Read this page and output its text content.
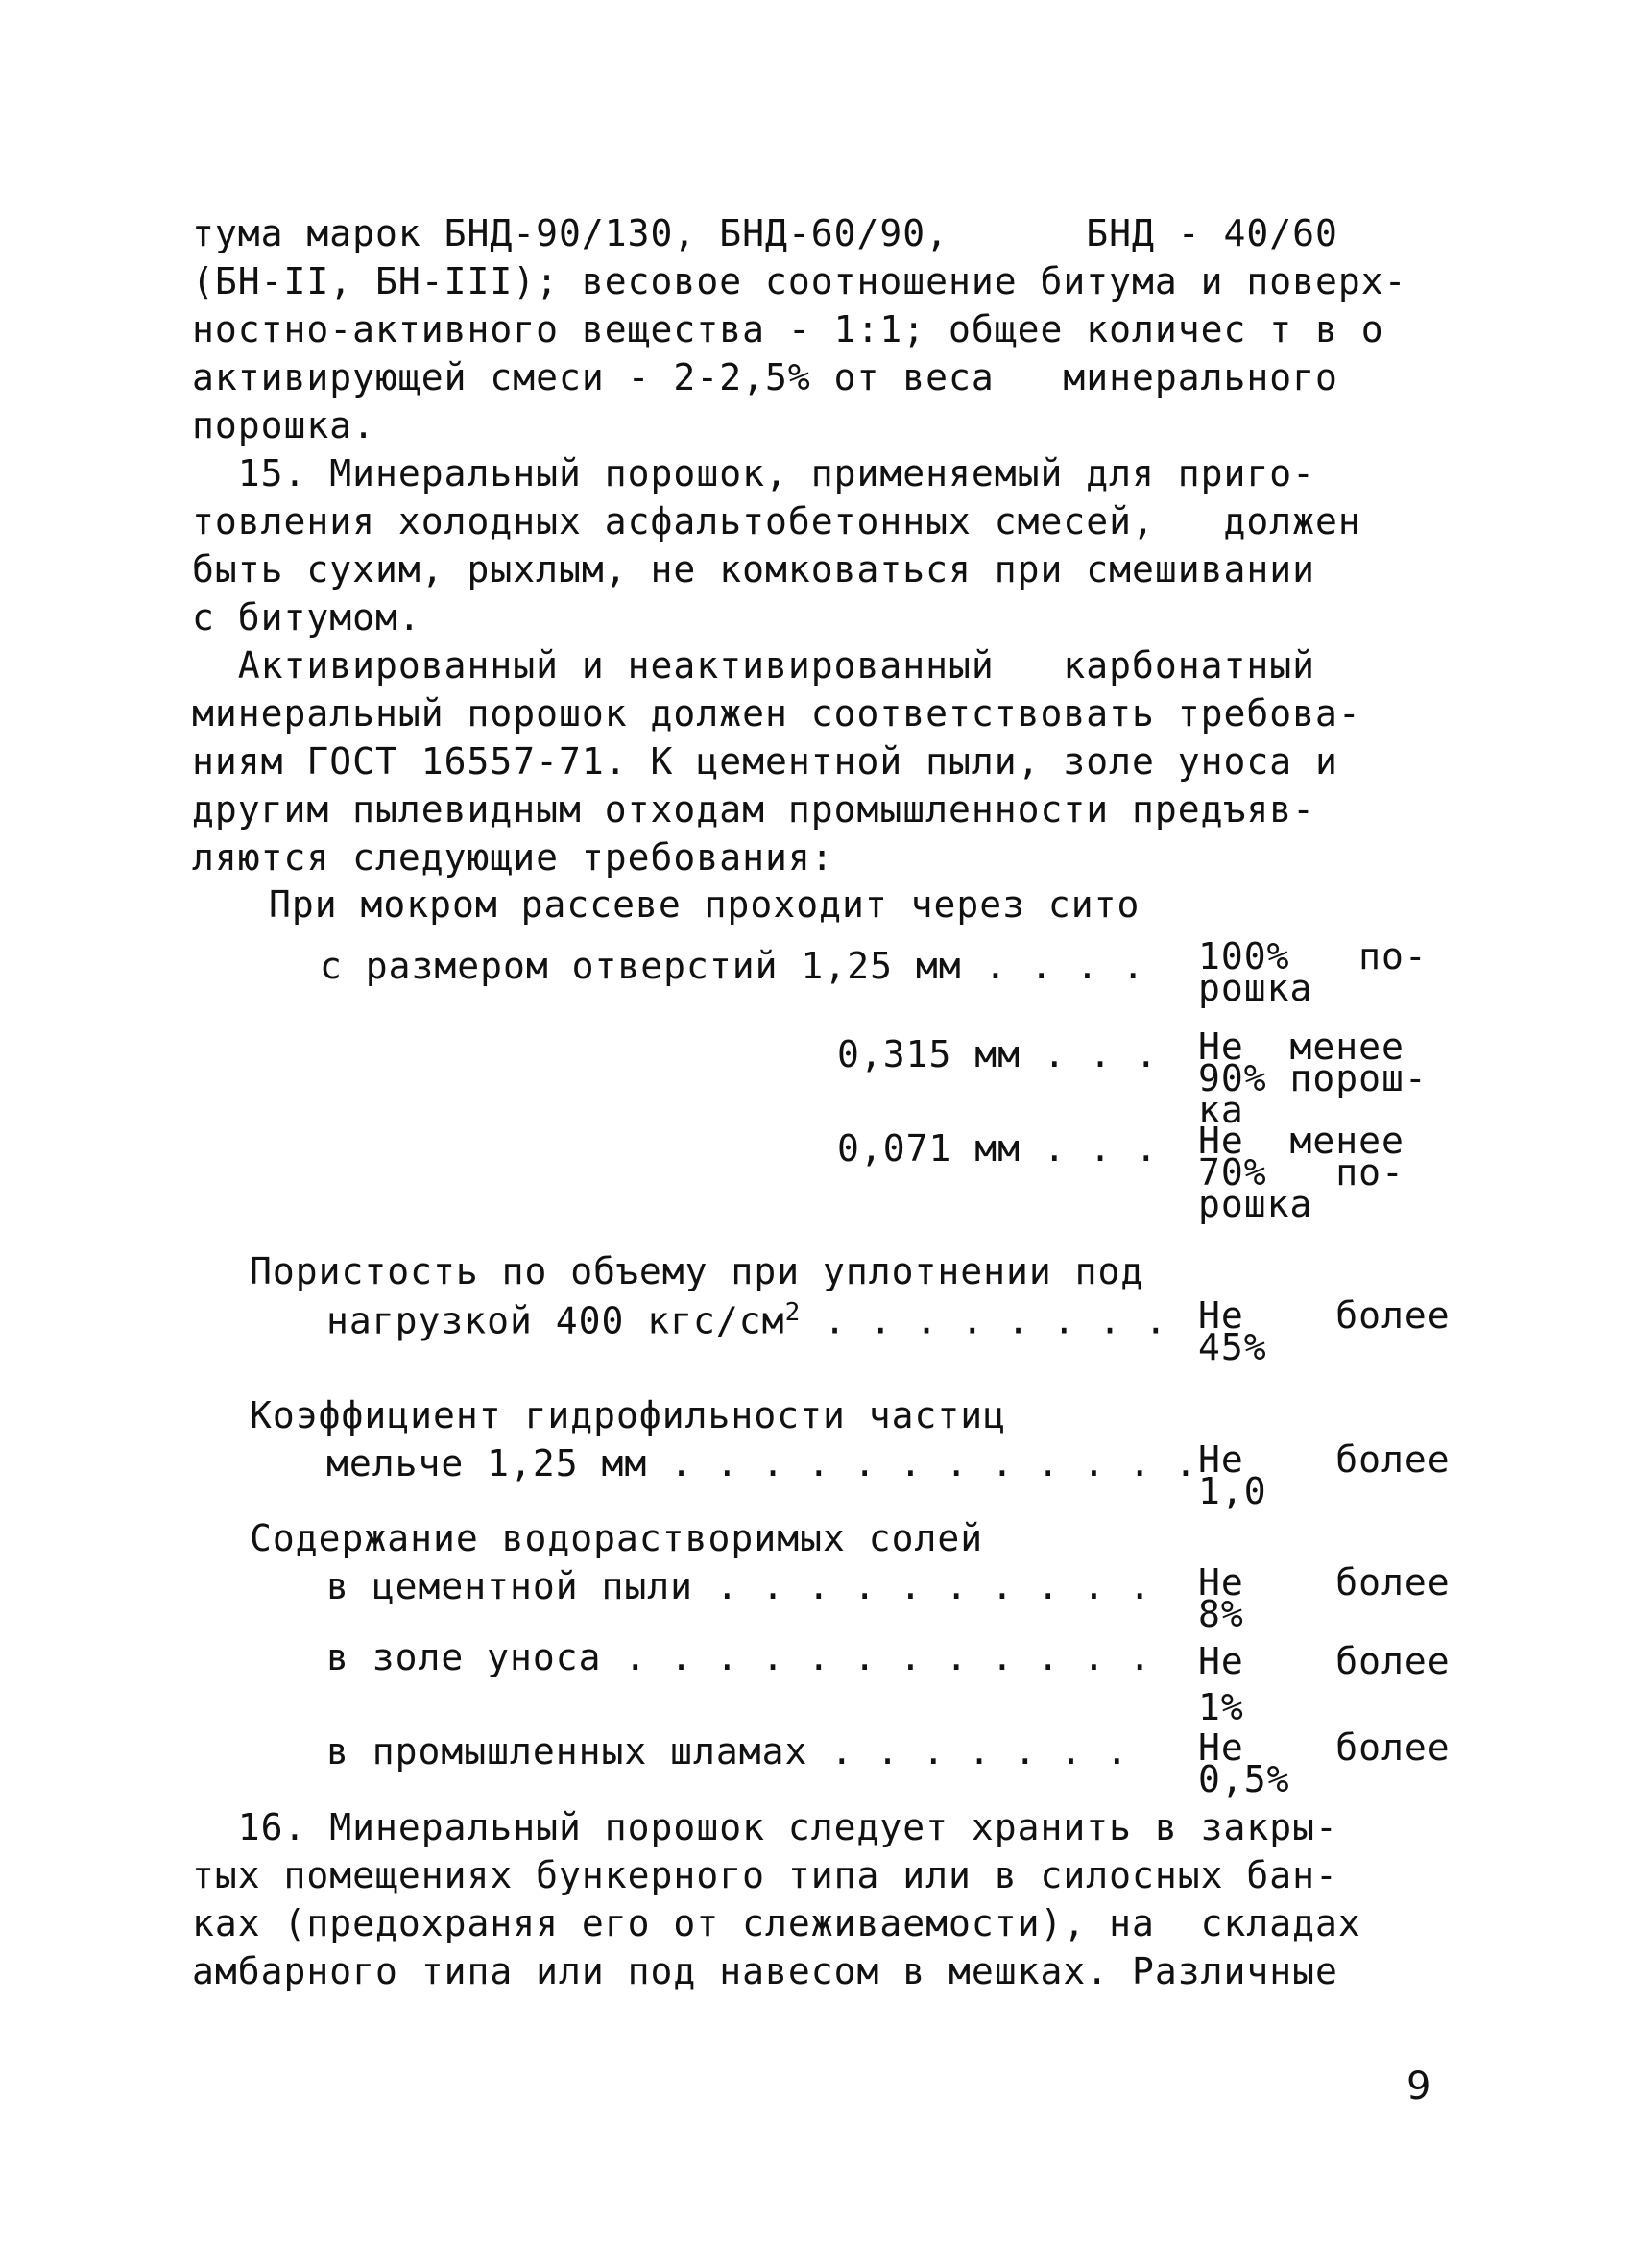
тума марок БНД-90/130, БНД-60/90,      БНД - 40/60
(БН-II, БН-III); весовое соотношение битума и поверх-
ностно-активного вещества - 1:1; общее количес т в о
активирующей смеси - 2-2,5% от веса   минерального
порошка.
15. Минеральный порошок, применяемый для приго-
товления холодных асфальтобетонных смесей,   должен
быть сухим, рыхлым, не комковаться при смешивании
с битумом.
Активированный и неактивированный   карбонатный
минеральный порошок должен соответствовать требова-
ниям ГОСТ 16557-71. К цементной пыли, золе уноса и
другим пылевидным отходам промышленности предъяв-
ляются следующие требования:
При мокром рассеве проходит через сито
с размером отверстий 1,25 мм . . . . 100%   по-
рошка
0,315 мм . . . Не  менее
90% порош-
ка
0,071 мм . . . Не  менее
70%   по-
рошка
Пористость по объему при уплотнении под
нагрузкой 400 кгс/$см^2$ . . . . . . . . Не    более
45%
Коэффициент гидрофильности частиц
мельче 1,25 мм . . . . . . . . . . . . Не    более
1,0
Содержание водорастворимых солей
в цементной пыли . . . . . . . . . . Не    более
8%
в золе уноса . . . . . . . . . . . . Не    более
1%
в промышленных шламах . . . . . . . Не    более
0,5%
16. Минеральный порошок следует хранить в закры-
тых помещениях бункерного типа или в силосных бан-
ках (предохраняя его от слеживаемости), на  складах
амбарного типа или под навесом в мешках. Различные
9
